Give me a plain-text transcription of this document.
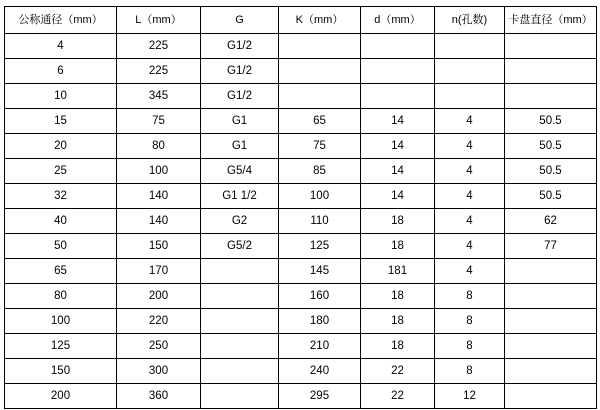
公称通径（mm）	L（mm）	G	K（mm）	d（mm）	n(孔数)	卡盘直径（mm）
4	225	G1/2				
6	225	G1/2				
10	345	G1/2				
15	75	G1	65	14	4	50.5
20	80	G1	75	14	4	50.5
25	100	G5/4	85	14	4	50.5
32	140	G1 1/2	100	14	4	50.5
40	140	G2	110	18	4	62
50	150	G5/2	125	18	4	77
65	170		145	181	4	
80	200		160	18	8	
100	220		180	18	8	
125	250		210	18	8	
150	300		240	22	8	
200	360		295	22	12	
